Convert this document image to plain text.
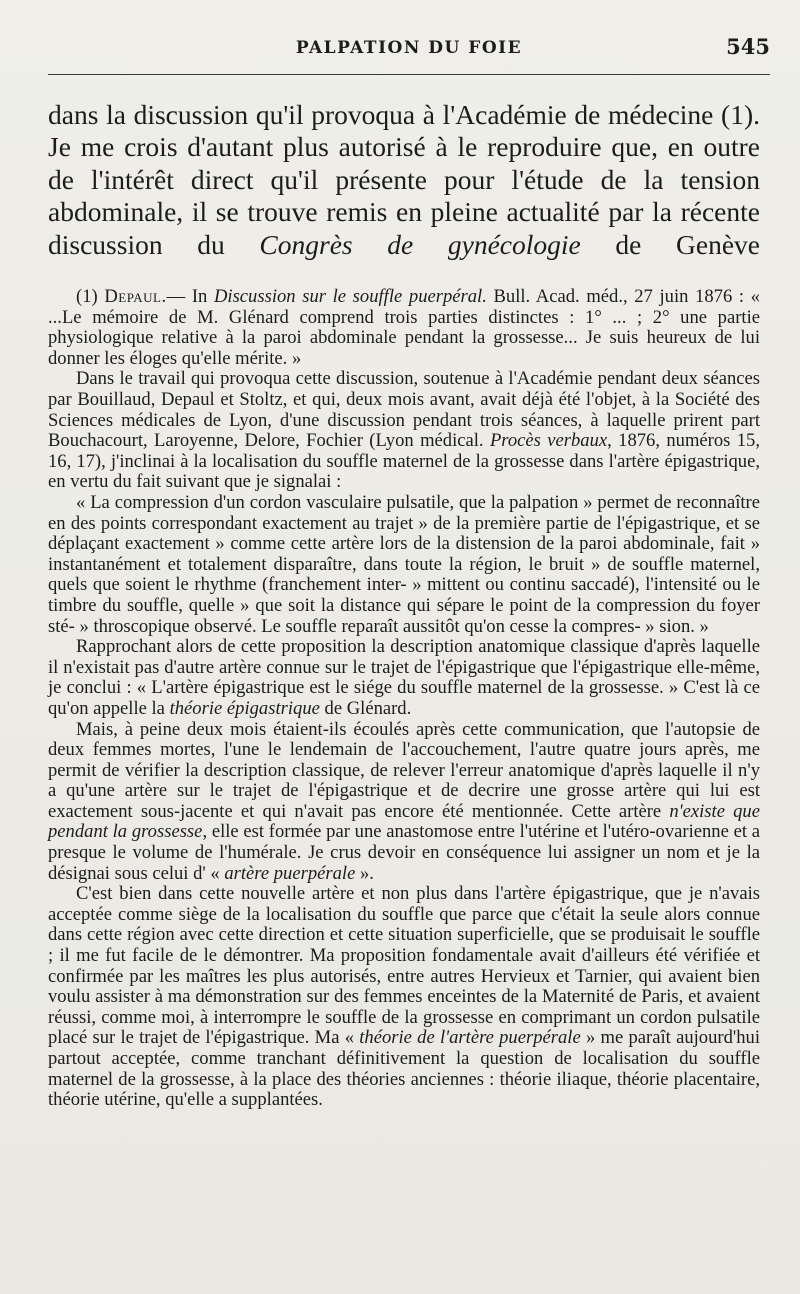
PALPATION DU FOIE	545

dans la discussion qu'il provoqua à l'Académie de médecine (1). Je me crois d'autant plus autorisé à le reproduire que, en outre de l'intérêt direct qu'il présente pour l'étude de la tension abdominale, il se trouve remis en pleine actualité par la récente discussion du Congrès de gynécologie de Genève

(1) Depaul.— In Discussion sur le souffle puerpéral. Bull. Acad. méd., 27 juin 1876 : « ...Le mémoire de M. Glénard comprend trois parties distinctes : 1° ... ; 2° une partie physiologique relative à la paroi abdominale pendant la grossesse... Je suis heureux de lui donner les éloges qu'elle mérite. »

Dans le travail qui provoqua cette discussion, soutenue à l'Académie pendant deux séances par Bouillaud, Depaul et Stoltz, et qui, deux mois avant, avait déjà été l'objet, à la Société des Sciences médicales de Lyon, d'une discussion pendant trois séances, à laquelle prirent part Bouchacourt, Laroyenne, Delore, Fochier (Lyon médical. Procès verbaux, 1876, numéros 15, 16, 17), j'inclinai à la localisation du souffle maternel de la grossesse dans l'artère épigastrique, en vertu du fait suivant que je signalai :

« La compression d'un cordon vasculaire pulsatile, que la palpation » permet de reconnaître en des points correspondant exactement au trajet » de la première partie de l'épigastrique, et se déplaçant exactement » comme cette artère lors de la distension de la paroi abdominale, fait » instantanément et totalement disparaître, dans toute la région, le bruit » de souffle maternel, quels que soient le rhythme (franchement inter- » mittent ou continu saccadé), l'intensité ou le timbre du souffle, quelle » que soit la distance qui sépare le point de la compression du foyer sté- » throscopique observé. Le souffle reparaît aussitôt qu'on cesse la compres- » sion. »

Rapprochant alors de cette proposition la description anatomique classique d'après laquelle il n'existait pas d'autre artère connue sur le trajet de l'épigastrique que l'épigastrique elle-même, je conclui : « L'artère épigastrique est le siége du souffle maternel de la grossesse. » C'est là ce qu'on appelle la théorie épigastrique de Glénard.

Mais, à peine deux mois étaient-ils écoulés après cette communication, que l'autopsie de deux femmes mortes, l'une le lendemain de l'accouchement, l'autre quatre jours après, me permit de vérifier la description classique, de relever l'erreur anatomique d'après laquelle il n'y a qu'une artère sur le trajet de l'épigastrique et de decrire une grosse artère qui lui est exactement sous-jacente et qui n'avait pas encore été mentionnée. Cette artère n'existe que pendant la grossesse, elle est formée par une anastomose entre l'utérine et l'utéro-ovarienne et a presque le volume de l'humérale. Je crus devoir en conséquence lui assigner un nom et je la désignai sous celui d' « artère puerpérale ».

C'est bien dans cette nouvelle artère et non plus dans l'artère épigastrique, que je n'avais acceptée comme siège de la localisation du souffle que parce que c'était la seule alors connue dans cette région avec cette direction et cette situation superficielle, que se produisait le souffle ; il me fut facile de le démontrer. Ma proposition fondamentale avait d'ailleurs été vérifiée et confirmée par les maîtres les plus autorisés, entre autres Hervieux et Tarnier, qui avaient bien voulu assister à ma démonstration sur des femmes enceintes de la Maternité de Paris, et avaient réussi, comme moi, à interrompre le souffle de la grossesse en comprimant un cordon pulsatile placé sur le trajet de l'épigastrique. Ma « théorie de l'artère puerpérale » me paraît aujourd'hui partout acceptée, comme tranchant définitivement la question de localisation du souffle maternel de la grossesse, à la place des théories anciennes : théorie iliaque, théorie placentaire, théorie utérine, qu'elle a supplantées.
